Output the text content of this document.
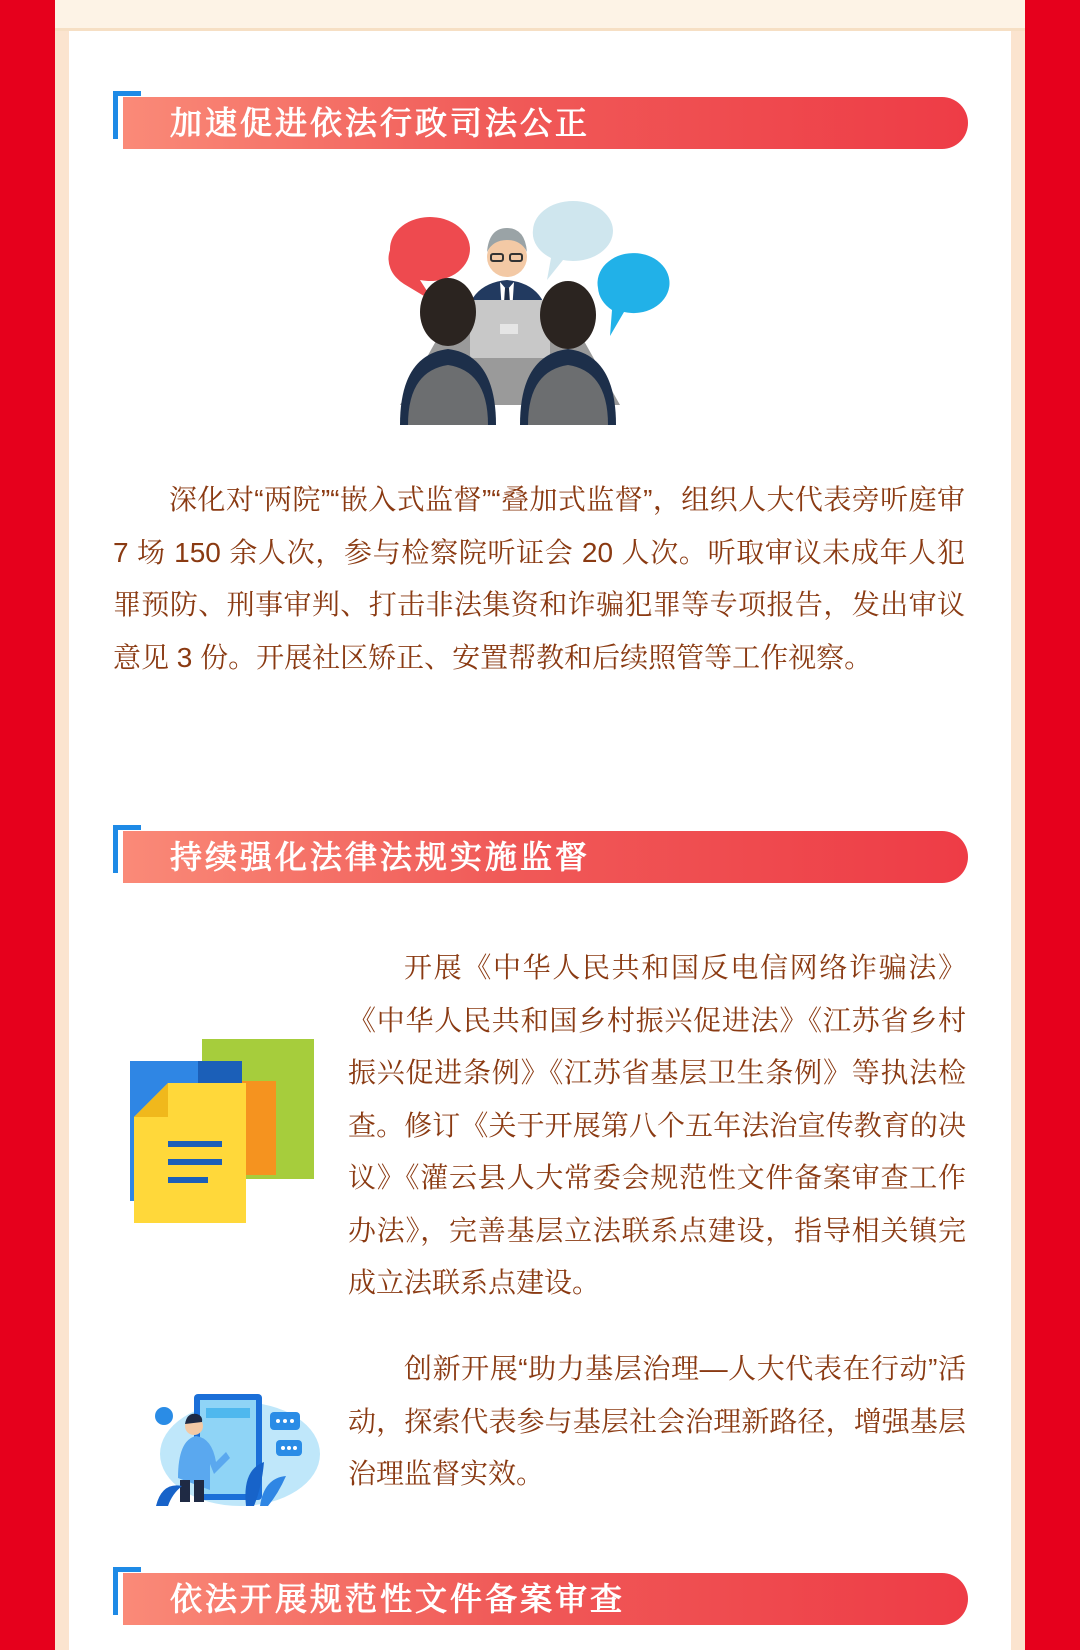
加速促进依法行政司法公正

深化对“两院”“嵌入式监督”“叠加式监督”，组织人大代表旁听庭审 7 场 150 余人次，参与检察院听证会 20 人次。听取审议未成年人犯罪预防、刑事审判、打击非法集资和诈骗犯罪等专项报告，发出审议意见 3 份。开展社区矫正、安置帮教和后续照管等工作视察。

持续强化法律法规实施监督

开展《中华人民共和国反电信网络诈骗法》《中华人民共和国乡村振兴促进法》《江苏省乡村振兴促进条例》《江苏省基层卫生条例》等执法检查。修订《关于开展第八个五年法治宣传教育的决议》《灌云县人大常委会规范性文件备案审查工作办法》，完善基层立法联系点建设，指导相关镇完成立法联系点建设。

创新开展“助力基层治理—人大代表在行动”活动，探索代表参与基层社会治理新路径，增强基层治理监督实效。

依法开展规范性文件备案审查
